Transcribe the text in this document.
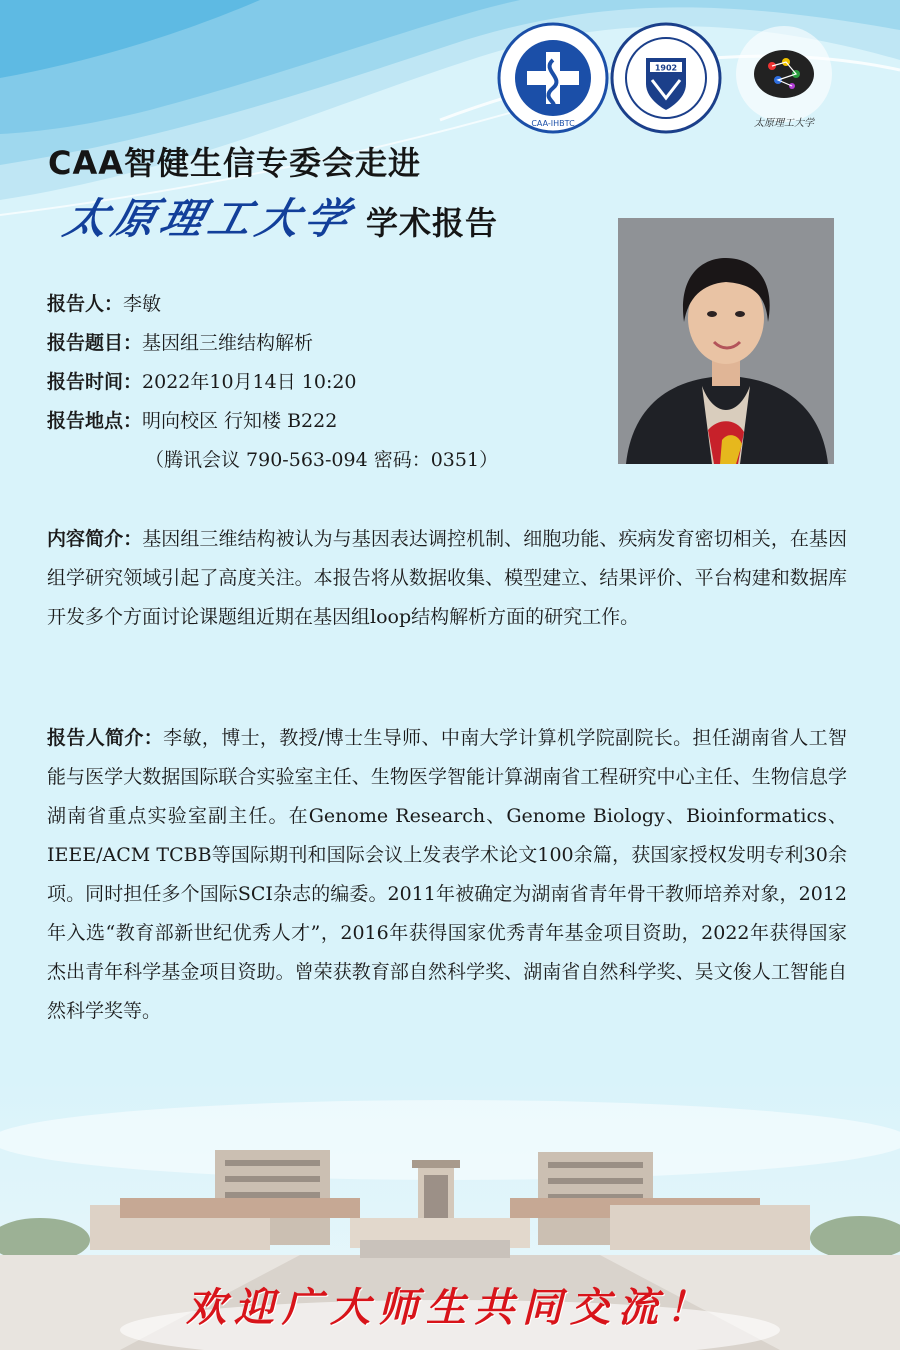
CAA-IHBTC
1902
太原理工大学
CAA智健生信专委会走进
太原理工大学 学术报告
报告人：李敏
报告题目：基因组三维结构解析
报告时间：2022年10月14日 10:20
报告地点：明向校区 行知楼 B222
（腾讯会议 790-563-094 密码：0351）

内容简介：基因组三维结构被认为与基因表达调控机制、细胞功能、疾病发育密切相关，在基因组学研究领域引起了高度关注。本报告将从数据收集、模型建立、结果评价、平台构建和数据库开发多个方面讨论课题组近期在基因组loop结构解析方面的研究工作。

报告人简介：李敏，博士，教授/博士生导师、中南大学计算机学院副院长。担任湖南省人工智能与医学大数据国际联合实验室主任、生物医学智能计算湖南省工程研究中心主任、生物信息学湖南省重点实验室副主任。在Genome Research、Genome Biology、Bioinformatics、IEEE/ACM TCBB等国际期刊和国际会议上发表学术论文100余篇，获国家授权发明专利30余项。同时担任多个国际SCI杂志的编委。2011年被确定为湖南省青年骨干教师培养对象，2012年入选“教育部新世纪优秀人才”，2016年获得国家优秀青年基金项目资助，2022年获得国家杰出青年科学基金项目资助。曾荣获教育部自然科学奖、湖南省自然科学奖、吴文俊人工智能自然科学奖等。

欢迎广大师生共同交流！
